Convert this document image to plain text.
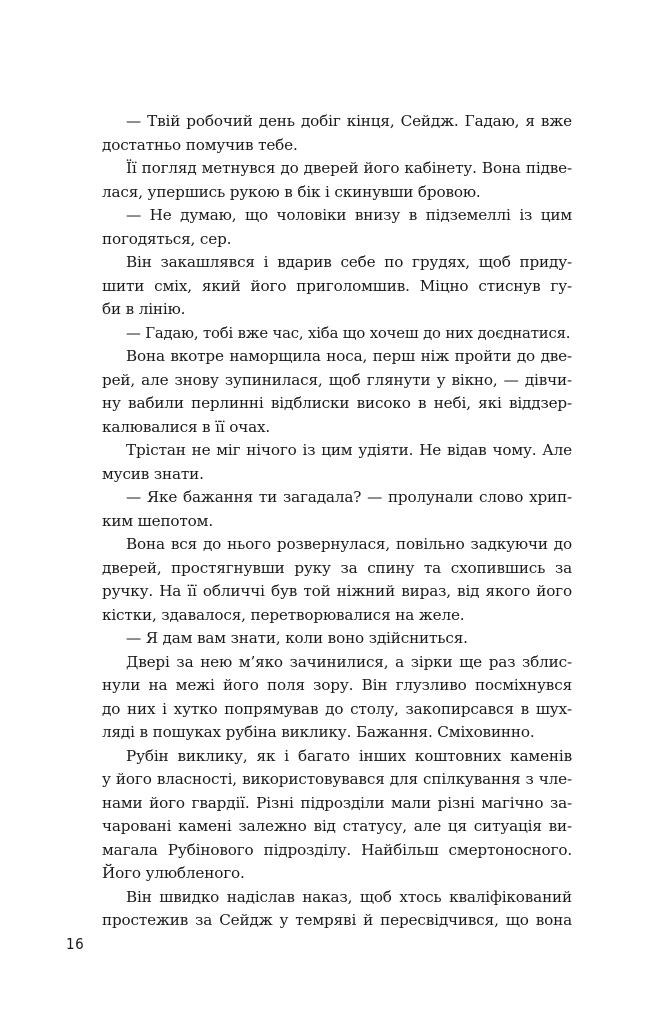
— Твій робочий день добіг кінця, Сейдж. Гадаю, я вже
достатньо помучив тебе.
Її погляд метнувся до дверей його кабінету. Вона підве-
лася, упершись рукою в бік і скинувши бровою.
— Не думаю, що чоловіки внизу в підземеллі із цим
погодяться, сер.
Він закашлявся і вдарив себе по грудях, щоб приду-
шити сміх, який його приголомшив. Міцно стиснув гу-
би в лінію.
— Гадаю, тобі вже час, хіба що хочеш до них доєднатися.
Вона вкотре наморщила носа, перш ніж пройти до две-
рей, але знову зупинилася, щоб глянути у вікно, — дівчи-
ну вабили перлинні відблиски високо в небі, які віддзер-
калювалися в її очах.
Трістан не міг нічого із цим удіяти. Не відав чому. Але
мусив знати.
— Яке бажання ти загадала? — пролунали слово хрип-
ким шепотом.
Вона вся до нього розвернулася, повільно задкуючи до
дверей, простягнувши руку за спину та схопившись за
ручку. На її обличчі був той ніжний вираз, від якого його
кістки, здавалося, перетворювалися на желе.
— Я дам вам знати, коли воно здійсниться.
Двері за нею м’яко зачинилися, а зірки ще раз зблис-
нули на межі його поля зору. Він глузливо посміхнувся
до них і хутко попрямував до столу, закопирсався в шух-
ляді в пошуках рубіна виклику. Бажання. Сміховинно.
Рубін виклику, як і багато інших коштовних каменів
у його власності, використовувався для спілкування з чле-
нами його гвардії. Різні підрозділи мали різні магічно за-
чаровані камені залежно від статусу, але ця ситуація ви-
магала Рубінового підрозділу. Найбільш смертоносного.
Його улюбленого.
Він швидко надіслав наказ, щоб хтось кваліфікований
простежив за Сейдж у темряві й пересвідчився, що вона
16
